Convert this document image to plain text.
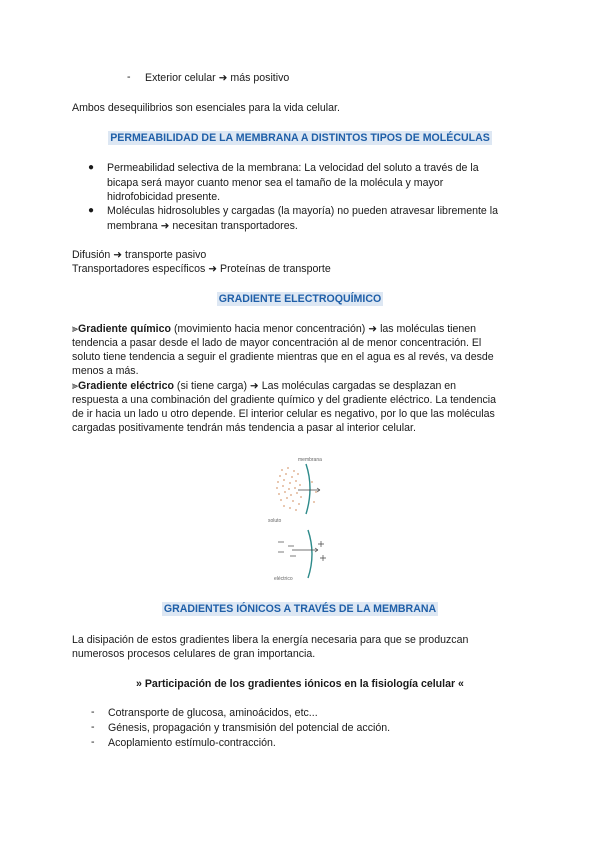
- Exterior celular ➜ más positivo
Ambos desequilibrios son esenciales para la vida celular.
PERMEABILIDAD DE LA MEMBRANA A DISTINTOS TIPOS DE MOLÉCULAS
● Permeabilidad selectiva de la membrana: La velocidad del soluto a través de la
bicapa será mayor cuanto menor sea el tamaño de la molécula y mayor
hidrofobicidad presente.
● Moléculas hidrosolubles y cargadas (la mayoría) no pueden atravesar libremente la
membrana ➜ necesitan transportadores.
Difusión ➜ transporte pasivo
Transportadores específicos ➜ Proteínas de transporte
GRADIENTE ELECTROQUÍMICO
⫸Gradiente químico (movimiento hacia menor concentración) ➜ las moléculas tienen
tendencia a pasar desde el lado de mayor concentración al de menor concentración. El
soluto tiene tendencia a seguir el gradiente mientras que en el agua es al revés, va desde
menos a más.
⫸Gradiente eléctrico (si tiene carga) ➜ Las moléculas cargadas se desplazan en
respuesta a una combinación del gradiente químico y del gradiente eléctrico. La tendencia
de ir hacia un lado u otro depende. El interior celular es negativo, por lo que las moléculas
cargadas positivamente tendrán más tendencia a pasar al interior celular.
membrana
soluto
eléctrico
GRADIENTES IÓNICOS A TRAVÉS DE LA MEMBRANA
La disipación de estos gradientes libera la energía necesaria para que se produzcan
numerosos procesos celulares de gran importancia.
» Participación de los gradientes iónicos en la fisiología celular «
- Cotransporte de glucosa, aminoácidos, etc...
- Génesis, propagación y transmisión del potencial de acción.
- Acoplamiento estímulo-contracción.
